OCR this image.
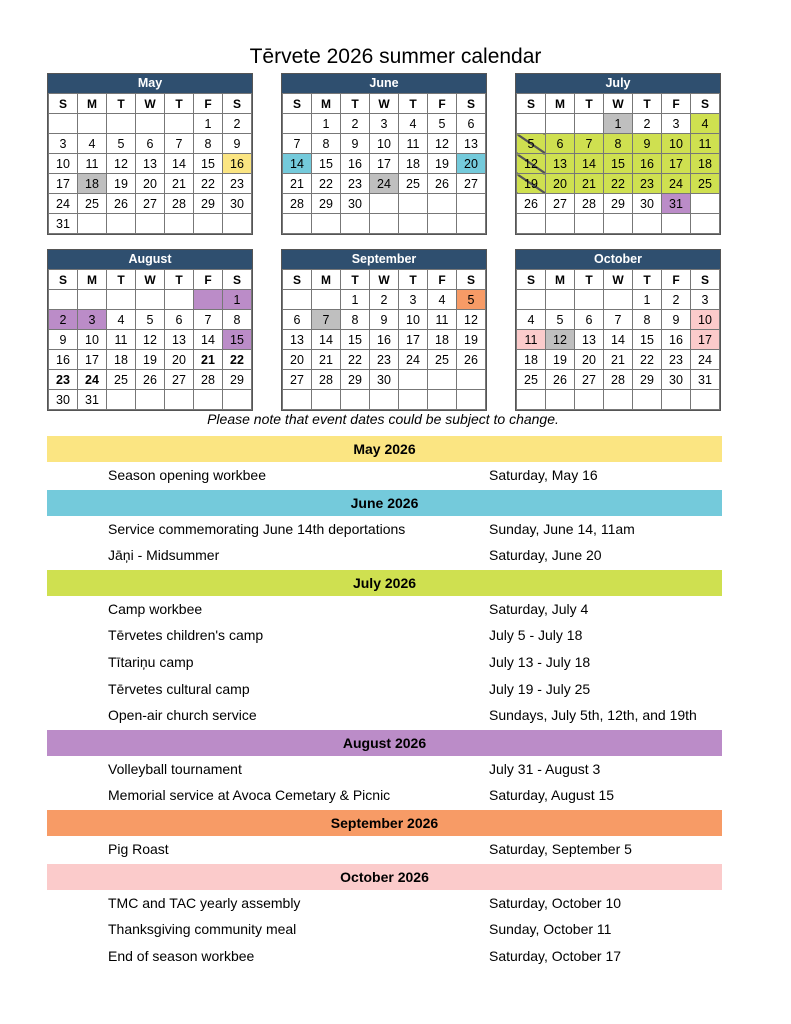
Tērvete 2026 summer calendar
May
S	M	T	W	T	F	S
					1	2
3	4	5	6	7	8	9
10	11	12	13	14	15	16
17	18	19	20	21	22	23
24	25	26	27	28	29	30
31						
June
S	M	T	W	T	F	S
	1	2	3	4	5	6
7	8	9	10	11	12	13
14	15	16	17	18	19	20
21	22	23	24	25	26	27
28	29	30				

July
S	M	T	W	T	F	S
			1	2	3	4
5	6	7	8	9	10	11
12	13	14	15	16	17	18
19	20	21	22	23	24	25
26	27	28	29	30	31	

August
S	M	T	W	T	F	S
						1
2	3	4	5	6	7	8
9	10	11	12	13	14	15
16	17	18	19	20	21	22
23	24	25	26	27	28	29
30	31					
September
S	M	T	W	T	F	S
		1	2	3	4	5
6	7	8	9	10	11	12
13	14	15	16	17	18	19
20	21	22	23	24	25	26
27	28	29	30			

October
S	M	T	W	T	F	S
				1	2	3
4	5	6	7	8	9	10
11	12	13	14	15	16	17
18	19	20	21	22	23	24
25	26	27	28	29	30	31

Please note that event dates could be subject to change.
May 2026
Season opening workbee	Saturday, May 16
June 2026
Service commemorating June 14th deportations	Sunday, June 14, 11am
Jāņi - Midsummer	Saturday, June 20
July 2026
Camp workbee	Saturday, July 4
Tērvetes children's camp	July 5 - July 18
Tītariņu camp	July 13 - July 18
Tērvetes cultural camp	July 19 - July 25
Open-air church service	Sundays, July 5th, 12th, and 19th
August 2026
Volleyball tournament	July 31 - August 3
Memorial service at Avoca Cemetary & Picnic	Saturday, August 15
September 2026
Pig Roast	Saturday, September 5
October 2026
TMC and TAC yearly assembly	Saturday, October 10
Thanksgiving community meal	Sunday, October 11
End of season workbee	Saturday, October 17
